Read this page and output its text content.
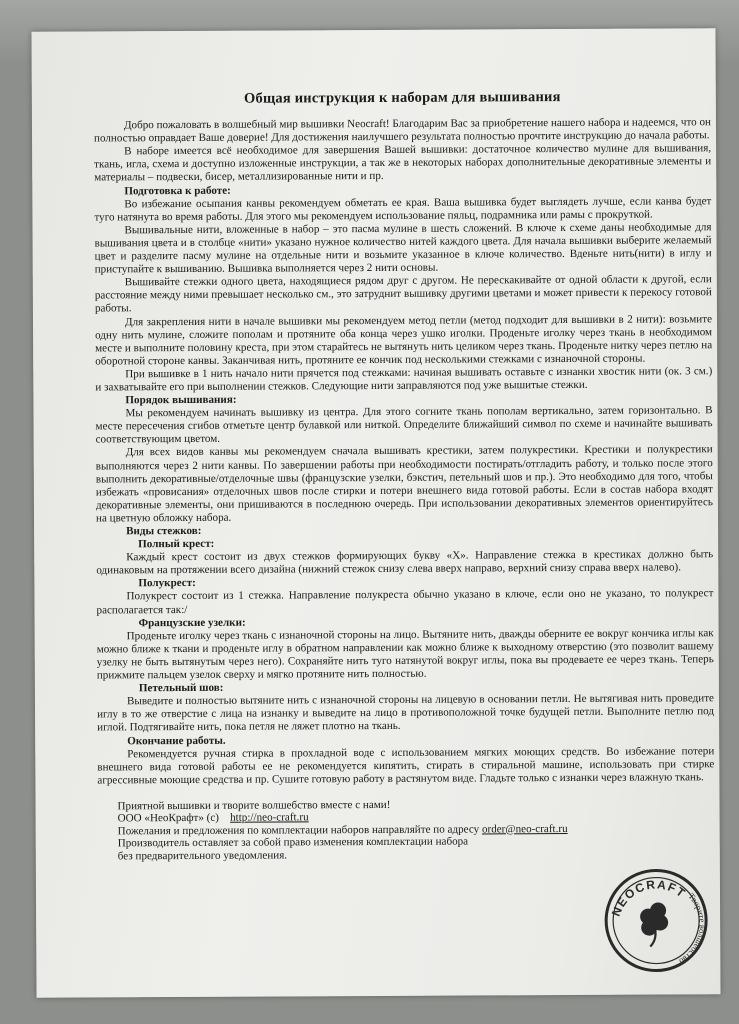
Общая инструкция к наборам для вышивания

Добро пожаловать в волшебный мир вышивки Neocraft! Благодарим Вас за приобретение нашего набора и надеемся, что он полностью оправдает Ваше доверие! Для достижения наилучшего результата полностью прочтите инструкцию до начала работы.

В наборе имеется всё необходимое для завершения Вашей вышивки: достаточное количество мулине для вышивания, ткань, игла, схема и доступно изложенные инструкции, а так же в некоторых наборах дополнительные декоративные элементы и материалы – подвески, бисер, металлизированные нити и пр.

Подготовка к работе:

Во избежание осыпания канвы рекомендуем обметать ее края. Ваша вышивка будет выглядеть лучше, если канва будет туго натянута во время работы. Для этого мы рекомендуем использование пяльц, подрамника или рамы с прокруткой.

Вышивальные нити, вложенные в набор – это пасма мулине в шесть сложений. В ключе к схеме даны необходимые для вышивания цвета и в столбце «нити» указано нужное количество нитей каждого цвета. Для начала вышивки выберите желаемый цвет и разделите пасму мулине на отдельные нити и возьмите указанное в ключе количество. Вденьте нить(нити) в иглу и приступайте к вышиванию. Вышивка выполняется через 2 нити основы.

Вышивайте стежки одного цвета, находящиеся рядом друг с другом. Не перескакивайте от одной области к другой, если расстояние между ними превышает несколько см., это затруднит вышивку другими цветами и может привести к перекосу готовой работы.

Для закрепления нити в начале вышивки мы рекомендуем метод петли (метод подходит для вышивки в 2 нити): возьмите одну нить мулине, сложите пополам и протяните оба конца через ушко иголки. Проденьте иголку через ткань в необходимом месте и выполните половину креста, при этом старайтесь не вытянуть нить целиком через ткань. Проденьте нитку через петлю на оборотной стороне канвы. Заканчивая нить, протяните ее кончик под несколькими стежками с изнаночной стороны.

При вышивке в 1 нить начало нити прячется под стежками: начиная вышивать оставьте с изнанки хвостик нити (ок. 3 см.) и захватывайте его при выполнении стежков. Следующие нити заправляются под уже вышитые стежки.

Порядок вышивания:

Мы рекомендуем начинать вышивку из центра. Для этого согните ткань пополам вертикально, затем горизонтально. В месте пересечения сгибов отметьте центр булавкой или ниткой. Определите ближайший символ по схеме и начинайте вышивать соответствующим цветом.

Для всех видов канвы мы рекомендуем сначала вышивать крестики, затем полукрестики. Крестики и полукрестики выполняются через 2 нити канвы. По завершении работы при необходимости постирать/отгладить работу, и только после этого выполнить декоративные/отделочные швы (французские узелки, бэкстич, петельный шов и пр.). Это необходимо для того, чтобы избежать «провисания» отделочных швов после стирки и потери внешнего вида готовой работы. Если в состав набора входят декоративные элементы, они пришиваются в последнюю очередь. При использовании декоративных элементов ориентируйтесь на цветную обложку набора.

Виды стежков:
Полный крест:

Каждый крест состоит из двух стежков формирующих букву «Х». Направление стежка в крестиках должно быть одинаковым на протяжении всего дизайна (нижний стежок снизу слева вверх направо, верхний снизу справа вверх налево).

Полукрест:

Полукрест состоит из 1 стежка. Направление полукреста обычно указано в ключе, если оно не указано, то полукрест располагается так:/

Французские узелки:

Проденьте иголку через ткань с изнаночной стороны на лицо. Вытяните нить, дважды оберните ее вокруг кончика иглы как можно ближе к ткани и проденьте иглу в обратном направлении как можно ближе к выходному отверстию (это позволит вашему узелку не быть вытянутым через него). Сохраняйте нить туго натянутой вокруг иглы, пока вы продеваете ее через ткань. Теперь прижмите пальцем узелок сверху и мягко протяните нить полностью.

Петельный шов:

Выведите и полностью вытяните нить с изнаночной стороны на лицевую в основании петли. Не вытягивая нить проведите иглу в то же отверстие с лица на изнанку и выведите на лицо в противоположной точке будущей петли. Выполните петлю под иглой. Подтягивайте нить, пока петля не ляжет плотно на ткань.

Окончание работы.

Рекомендуется ручная стирка в прохладной воде с использованием мягких моющих средств. Во избежание потери внешнего вида готовой работы ее не рекомендуется кипятить, стирать в стиральной машине, использовать при стирке агрессивные моющие средства и пр. Сушите готовую работу в растянутом виде. Гладьте только с изнанки через влажную ткань.

Приятной вышивки и творите волшебство вместе с нами!
ООО «НеоКрафт» (с) http://neo-craft.ru
Пожелания и предложения по комплектации наборов направляйте по адресу order@neo-craft.ru
Производитель оставляет за собой право изменения комплектации набора
без предварительного уведомления.
NEOCRAFT
Творите волшебство
